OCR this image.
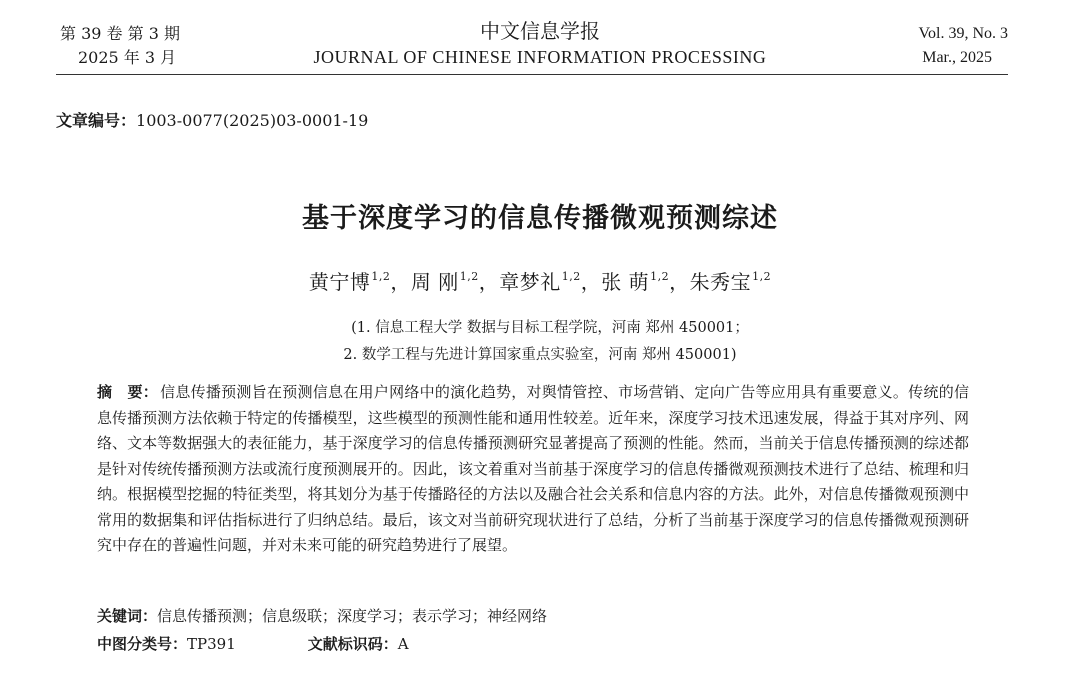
第 39 卷 第 3 期
2025 年 3 月
中文信息学报
JOURNAL OF CHINESE INFORMATION PROCESSING
Vol. 39, No. 3
Mar., 2025
文章编号：1003-0077(2025)03-0001-19
基于深度学习的信息传播微观预测综述
黄宁博$^{1,2}$，周 刚$^{1,2}$，章梦礼$^{1,2}$，张 萌$^{1,2}$，朱秀宝$^{1,2}$
(1. 信息工程大学 数据与目标工程学院，河南 郑州 450001；
2. 数学工程与先进计算国家重点实验室，河南 郑州 450001)
摘　要： 信息传播预测旨在预测信息在用户网络中的演化趋势，对舆情管控、市场营销、定向广告等应用具有重要意义。传统的信息传播预测方法依赖于特定的传播模型，这些模型的预测性能和通用性较差。近年来，深度学习技术迅速发展，得益于其对序列、网络、文本等数据强大的表征能力，基于深度学习的信息传播预测研究显著提高了预测的性能。然而，当前关于信息传播预测的综述都是针对传统传播预测方法或流行度预测展开的。因此，该文着重对当前基于深度学习的信息传播微观预测技术进行了总结、梳理和归纳。根据模型挖掘的特征类型，将其划分为基于传播路径的方法以及融合社会关系和信息内容的方法。此外，对信息传播微观预测中常用的数据集和评估指标进行了归纳总结。最后，该文对当前研究现状进行了总结，分析了当前基于深度学习的信息传播微观预测研究中存在的普遍性问题，并对未来可能的研究趋势进行了展望。
关键词：信息传播预测；信息级联；深度学习；表示学习；神经网络
中图分类号：TP391	文献标识码：A
